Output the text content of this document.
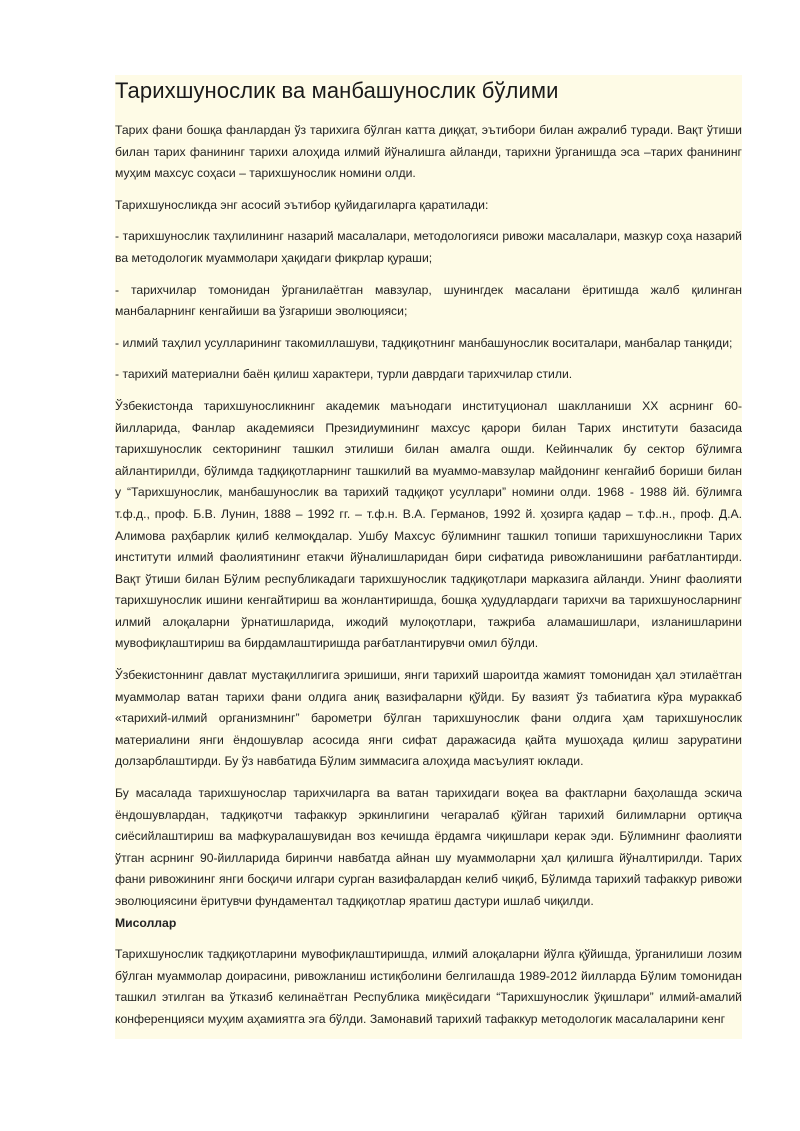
Тарихшунослик ва манбашунослик бўлими

Тарих фани бошқа фанлардан ўз тарихига бўлган катта диққат, эътибори билан ажралиб туради. Вақт ўтиши билан тарих фанининг тарихи алоҳида илмий йўналишга айланди, тарихни ўрганишда эса –тарих фанининг муҳим махсус соҳаси – тарихшунослик номини олди.

Тарихшуносликда энг асосий эътибор қуйидагиларга қаратилади:

- тарихшунослик таҳлилининг назарий масалалари, методологияси ривожи масалалари, мазкур соҳа назарий ва методологик муаммолари ҳақидаги фикрлар қураши;

- тарихчилар томонидан ўрганилаётган мавзулар, шунингдек масалани ёритишда жалб қилинган манбаларнинг кенгайиши ва ўзгариши эволюцияси;

- илмий таҳлил усулларининг такомиллашуви, тадқиқотнинг манбашунослик воситалари, манбалар танқиди;

- тарихий материални баён қилиш характери, турли даврдаги тарихчилар стили.

Ўзбекистонда тарихшуносликнинг академик маънодаги институционал шаклланиши XX асрнинг 60-йилларида, Фанлар академияси Президиумининг махсус қарори билан Тарих институти базасида тарихшунослик секторининг ташкил этилиши билан амалга ошди. Кейинчалик бу сектор бўлимга айлантирилди, бўлимда тадқиқотларнинг ташкилий ва муаммо-мавзулар майдонинг кенгайиб бориши билан у “Тарихшунослик, манбашунослик ва тарихий тадқиқот усуллари” номини олди. 1968 - 1988 йй. бўлимга т.ф.д., проф. Б.В. Лунин, 1888 – 1992 гг. – т.ф.н. В.А. Германов, 1992 й. ҳозирга қадар – т.ф..н., проф. Д.А. Алимова раҳбарлик қилиб келмоқдалар. Ушбу Махсус бўлимнинг ташкил топиши тарихшуносликни Тарих институти илмий фаолиятининг етакчи йўналишларидан бири сифатида ривожланишини рағбатлантирди. Вақт ўтиши билан Бўлим республикадаги тарихшунослик тадқиқотлари марказига айланди. Унинг фаолияти тарихшунослик ишини кенгайтириш ва жонлантиришда, бошқа ҳудудлардаги тарихчи ва тарихшуносларнинг илмий алоқаларни ўрнатишларида, ижодий мулоқотлари, тажриба аламашишлари, изланишларини мувофиқлаштириш ва бирдамлаштиришда рағбатлантирувчи омил бўлди.

Ўзбекистоннинг давлат мустақиллигига эришиши, янги тарихий шароитда жамият томонидан ҳал этилаётган муаммолар ватан тарихи фани олдига аниқ вазифаларни қўйди. Бу вазият ўз табиатига кўра мураккаб «тарихий-илмий организмнинг” барометри бўлган тарихшунослик фани олдига ҳам тарихшунослик материалини янги ёндошувлар асосида янги сифат даражасида қайта мушоҳада қилиш заруратини долзарблаштирди. Бу ўз навбатида Бўлим зиммасига алоҳида масъулият юклади.

Бу масалада тарихшунослар тарихчиларга ва ватан тарихидаги воқеа ва фактларни баҳолашда эскича ёндошувлардан, тадқиқотчи тафаккур эркинлигини чегаралаб қўйган тарихий билимларни ортиқча сиёсийлаштириш ва мафкуралашувидан воз кечишда ёрдамга чиқишлари керак эди. Бўлимнинг фаолияти ўтган асрнинг 90-йилларида биринчи навбатда айнан шу муаммоларни ҳал қилишга йўналтирилди. Тарих фани ривожининг янги босқичи илгари сурган вазифалардан келиб чиқиб, Бўлимда тарихий тафаккур ривожи эволюциясини ёритувчи фундаментал тадқиқотлар яратиш дастури ишлаб чиқилди.

Мисоллар

Тарихшунослик тадқиқотларини мувофиқлаштиришда, илмий алоқаларни йўлга қўйишда, ўрганилиши лозим бўлган муаммолар доирасини, ривожланиш истиқболини белгилашда 1989-2012 йилларда Бўлим томонидан ташкил этилган ва ўтказиб келинаётган Республика миқёсидаги “Тарихшунослик ўқишлари” илмий-амалий конференцияси муҳим аҳамиятга эга бўлди. Замонавий тарихий тафаккур методологик масалаларини кенг
